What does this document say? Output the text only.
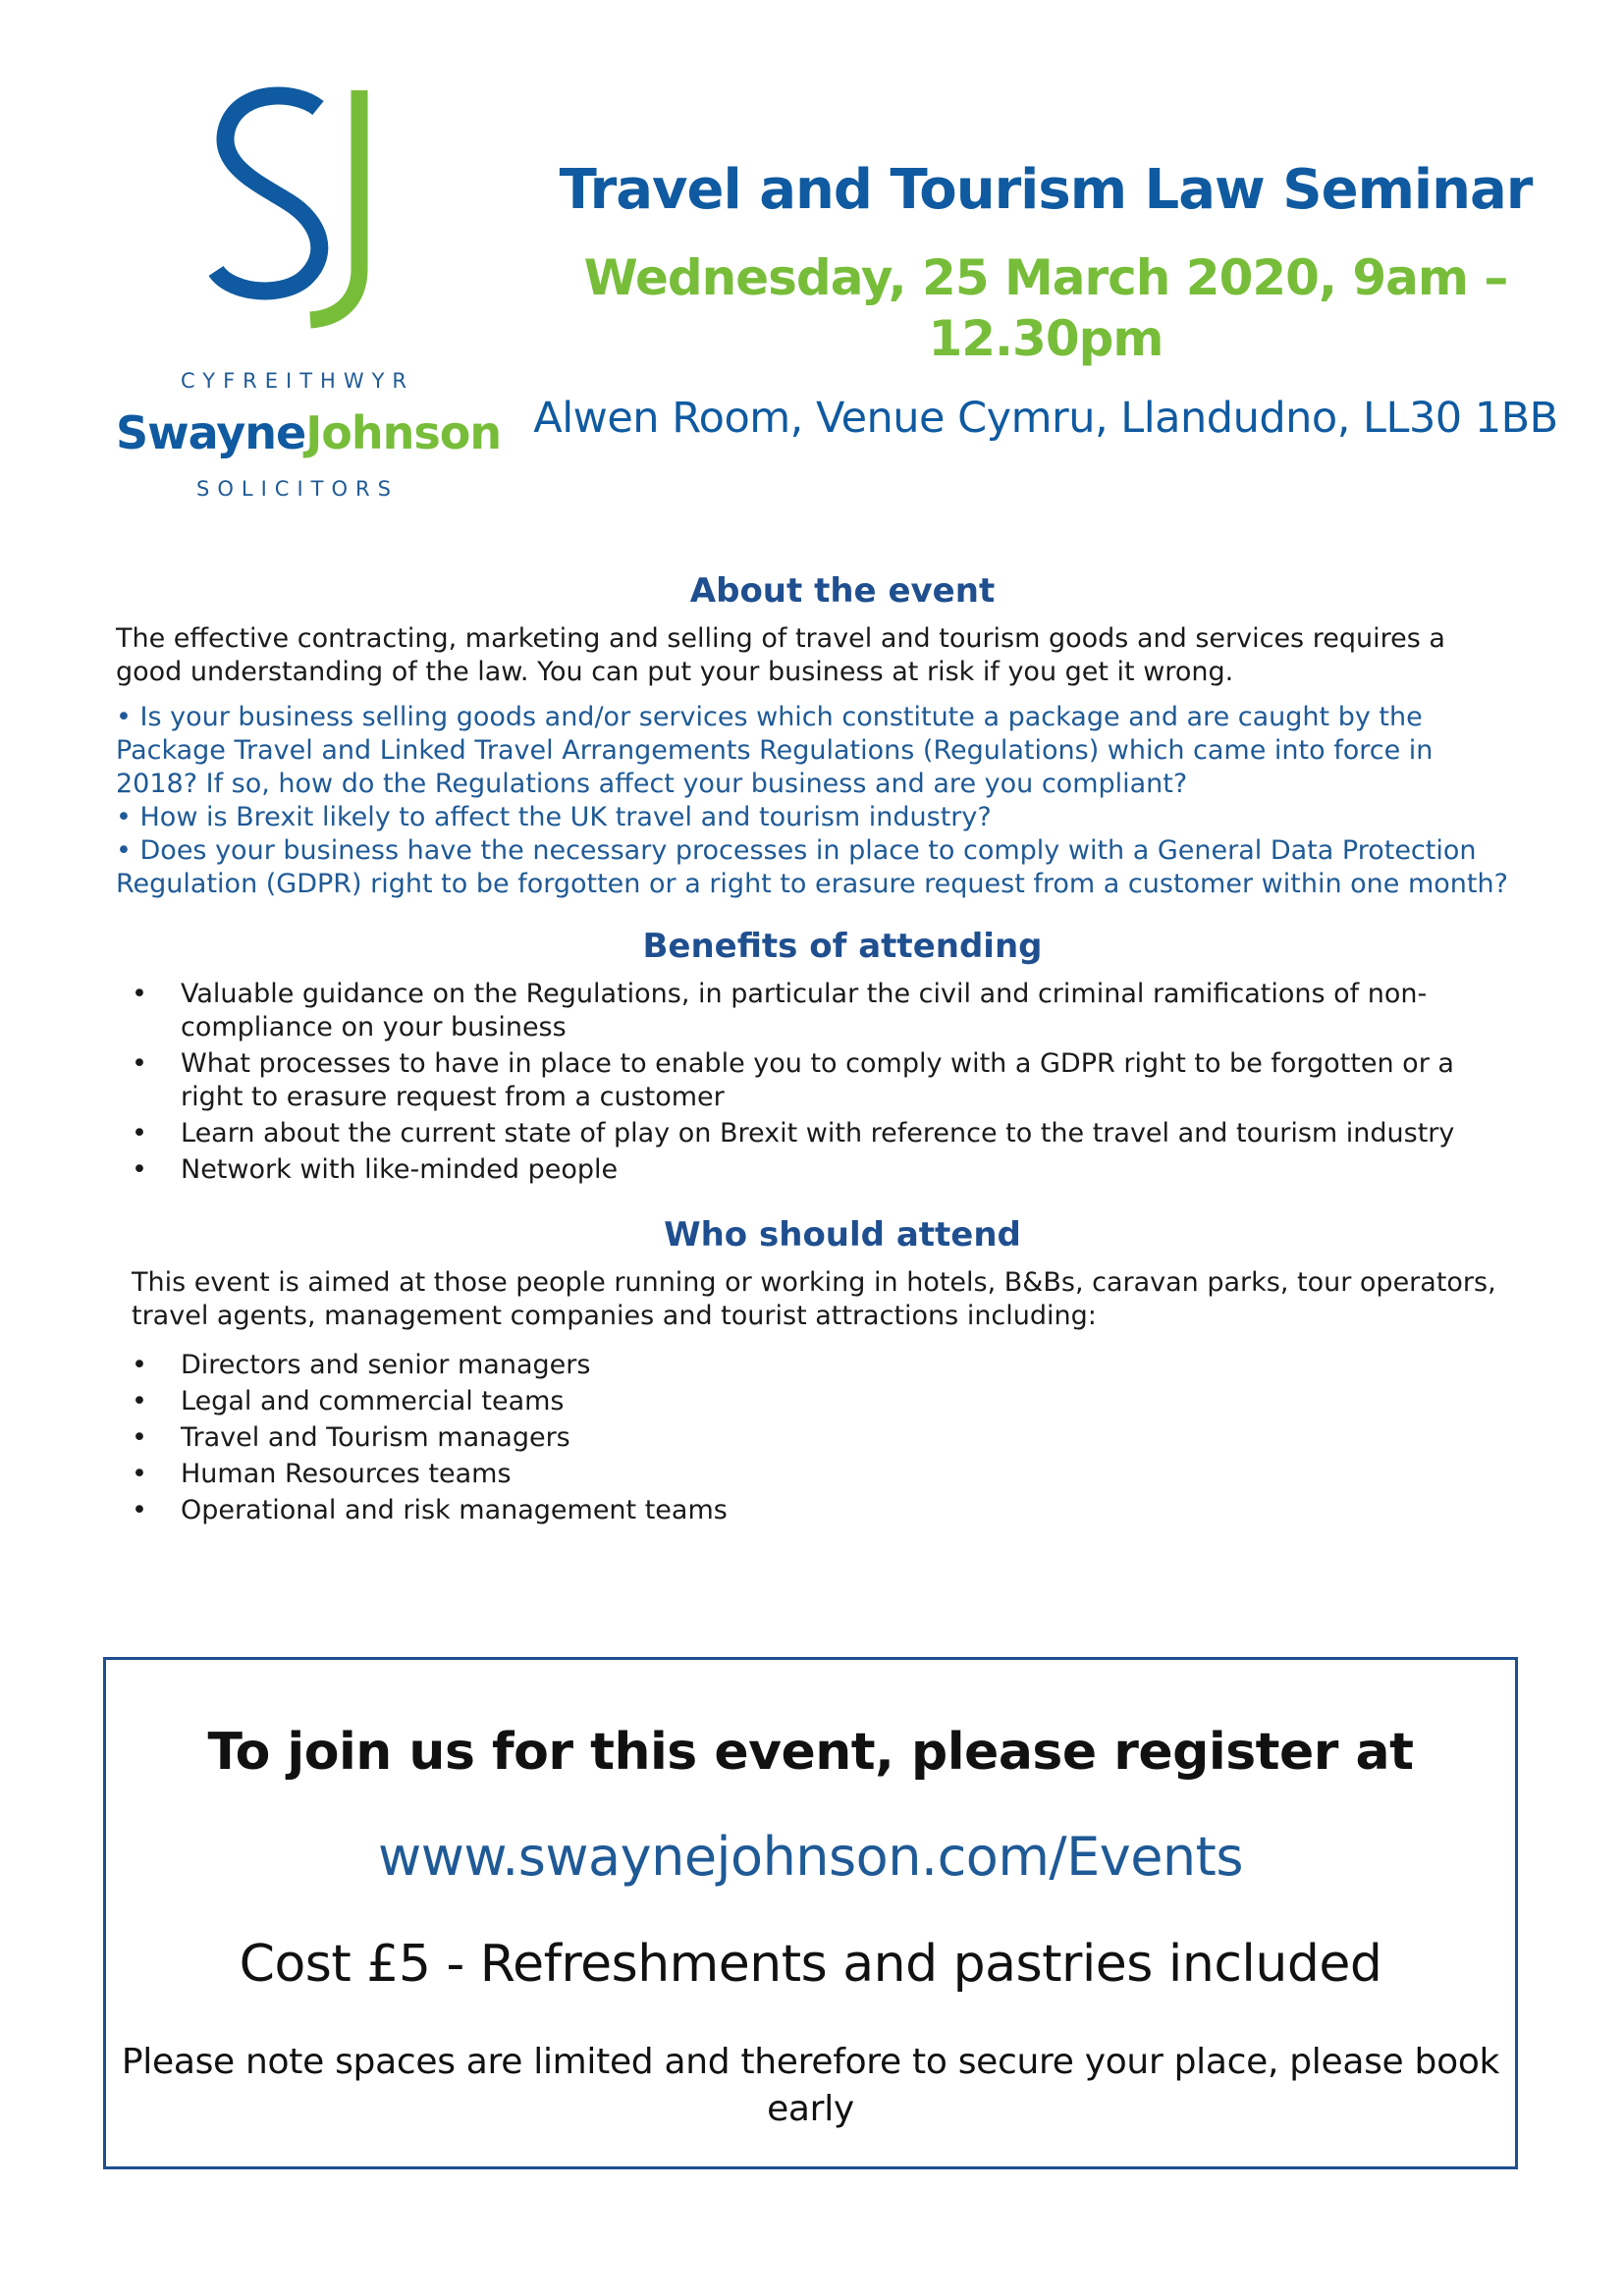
CYFREITHWYR
SwayneJohnson
SOLICITORS
Travel and Tourism Law Seminar
Wednesday, 25 March 2020, 9am – 12.30pm
Alwen Room, Venue Cymru, Llandudno, LL30 1BB
About the event
The effective contracting, marketing and selling of travel and tourism goods and services requires a good understanding of the law. You can put your business at risk if you get it wrong.
• Is your business selling goods and/or services which constitute a package and are caught by the Package Travel and Linked Travel Arrangements Regulations (Regulations) which came into force in 2018? If so, how do the Regulations affect your business and are you compliant?
• How is Brexit likely to affect the UK travel and tourism industry?
• Does your business have the necessary processes in place to comply with a General Data Protection Regulation (GDPR) right to be forgotten or a right to erasure request from a customer within one month?
Benefits of attending
• Valuable guidance on the Regulations, in particular the civil and criminal ramifications of non-compliance on your business
• What processes to have in place to enable you to comply with a GDPR right to be forgotten or a right to erasure request from a customer
• Learn about the current state of play on Brexit with reference to the travel and tourism industry
• Network with like-minded people
Who should attend
This event is aimed at those people running or working in hotels, B&Bs, caravan parks, tour operators, travel agents, management companies and tourist attractions including:
• Directors and senior managers
• Legal and commercial teams
• Travel and Tourism managers
• Human Resources teams
• Operational and risk management teams
To join us for this event, please register at
www.swaynejohnson.com/Events
Cost £5 - Refreshments and pastries included
Please note spaces are limited and therefore to secure your place, please book early
